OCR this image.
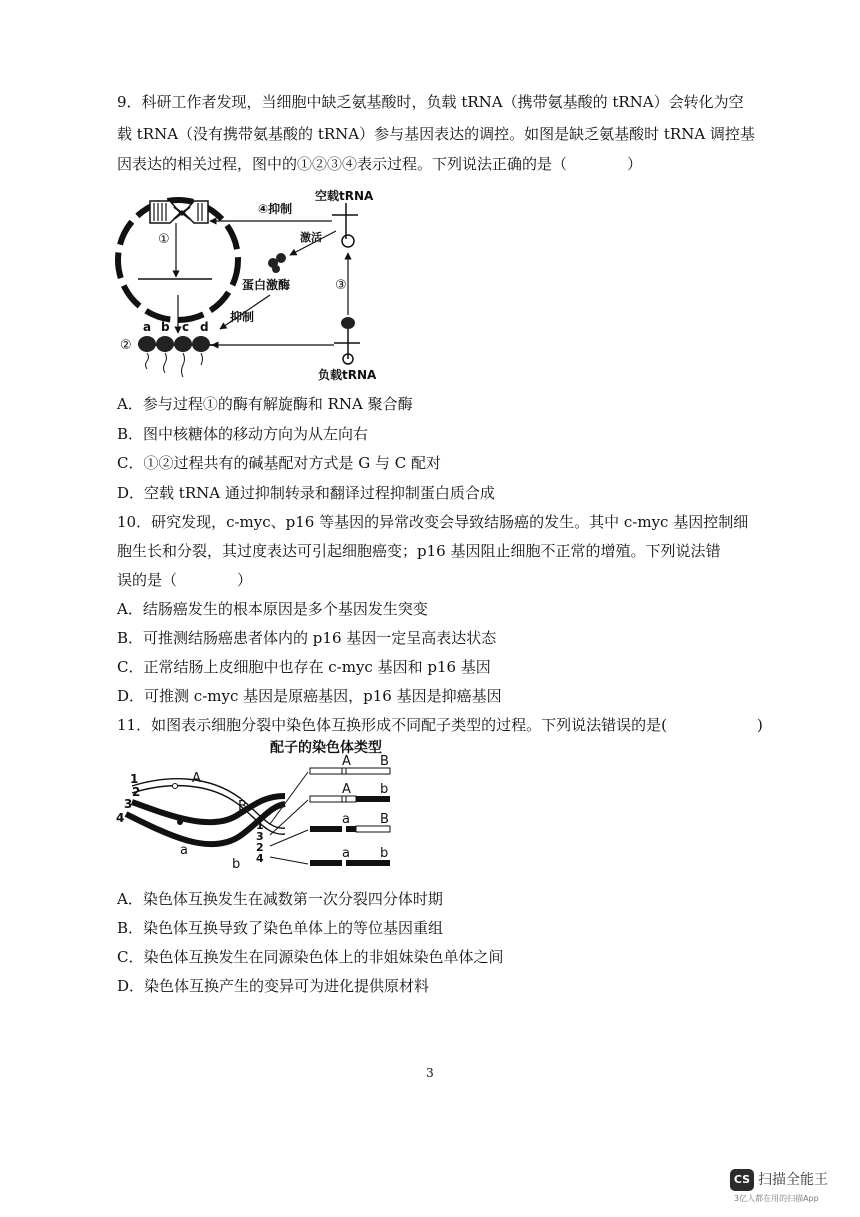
9．科研工作者发现，当细胞中缺乏氨基酸时，负载 tRNA（携带氨基酸的 tRNA）会转化为空
载 tRNA（没有携带氨基酸的 tRNA）参与基因表达的调控。如图是缺乏氨基酸时 tRNA 调控基
因表达的相关过程，图中的①②③④表示过程。下列说法正确的是（　　　　）
①
a b c d
②
空载tRNA
④抑制
激活
蛋白激酶
抑制
③
负载tRNA
A．参与过程①的酶有解旋酶和 RNA 聚合酶
B．图中核糖体的移动方向为从左向右
C．①②过程共有的碱基配对方式是 G 与 C 配对
D．空载 tRNA 通过抑制转录和翻译过程抑制蛋白质合成
10．研究发现，c-myc、p16 等基因的异常改变会导致结肠癌的发生。其中 c-myc 基因控制细
胞生长和分裂，其过度表达可引起细胞癌变；p16 基因阻止细胞不正常的增殖。下列说法错
误的是（　　　　）
A．结肠癌发生的根本原因是多个基因发生突变
B．可推测结肠癌患者体内的 p16 基因一定呈高表达状态
C．正常结肠上皮细胞中也存在 c-myc 基因和 p16 基因
D．可推测 c-myc 基因是原癌基因，p16 基因是抑癌基因
11．如图表示细胞分裂中染色体互换形成不同配子类型的过程。下列说法错误的是(　　　　　　)
配子的染色体类型
1
2
3
4
A
B
a
b
1
3
2
4
A B
A b
a B
a b
A．染色体互换发生在减数第一次分裂四分体时期
B．染色体互换导致了染色单体上的等位基因重组
C．染色体互换发生在同源染色体上的非姐妹染色单体之间
D．染色体互换产生的变异可为进化提供原材料
3
CS 扫描全能王
3亿人都在用的扫描App
